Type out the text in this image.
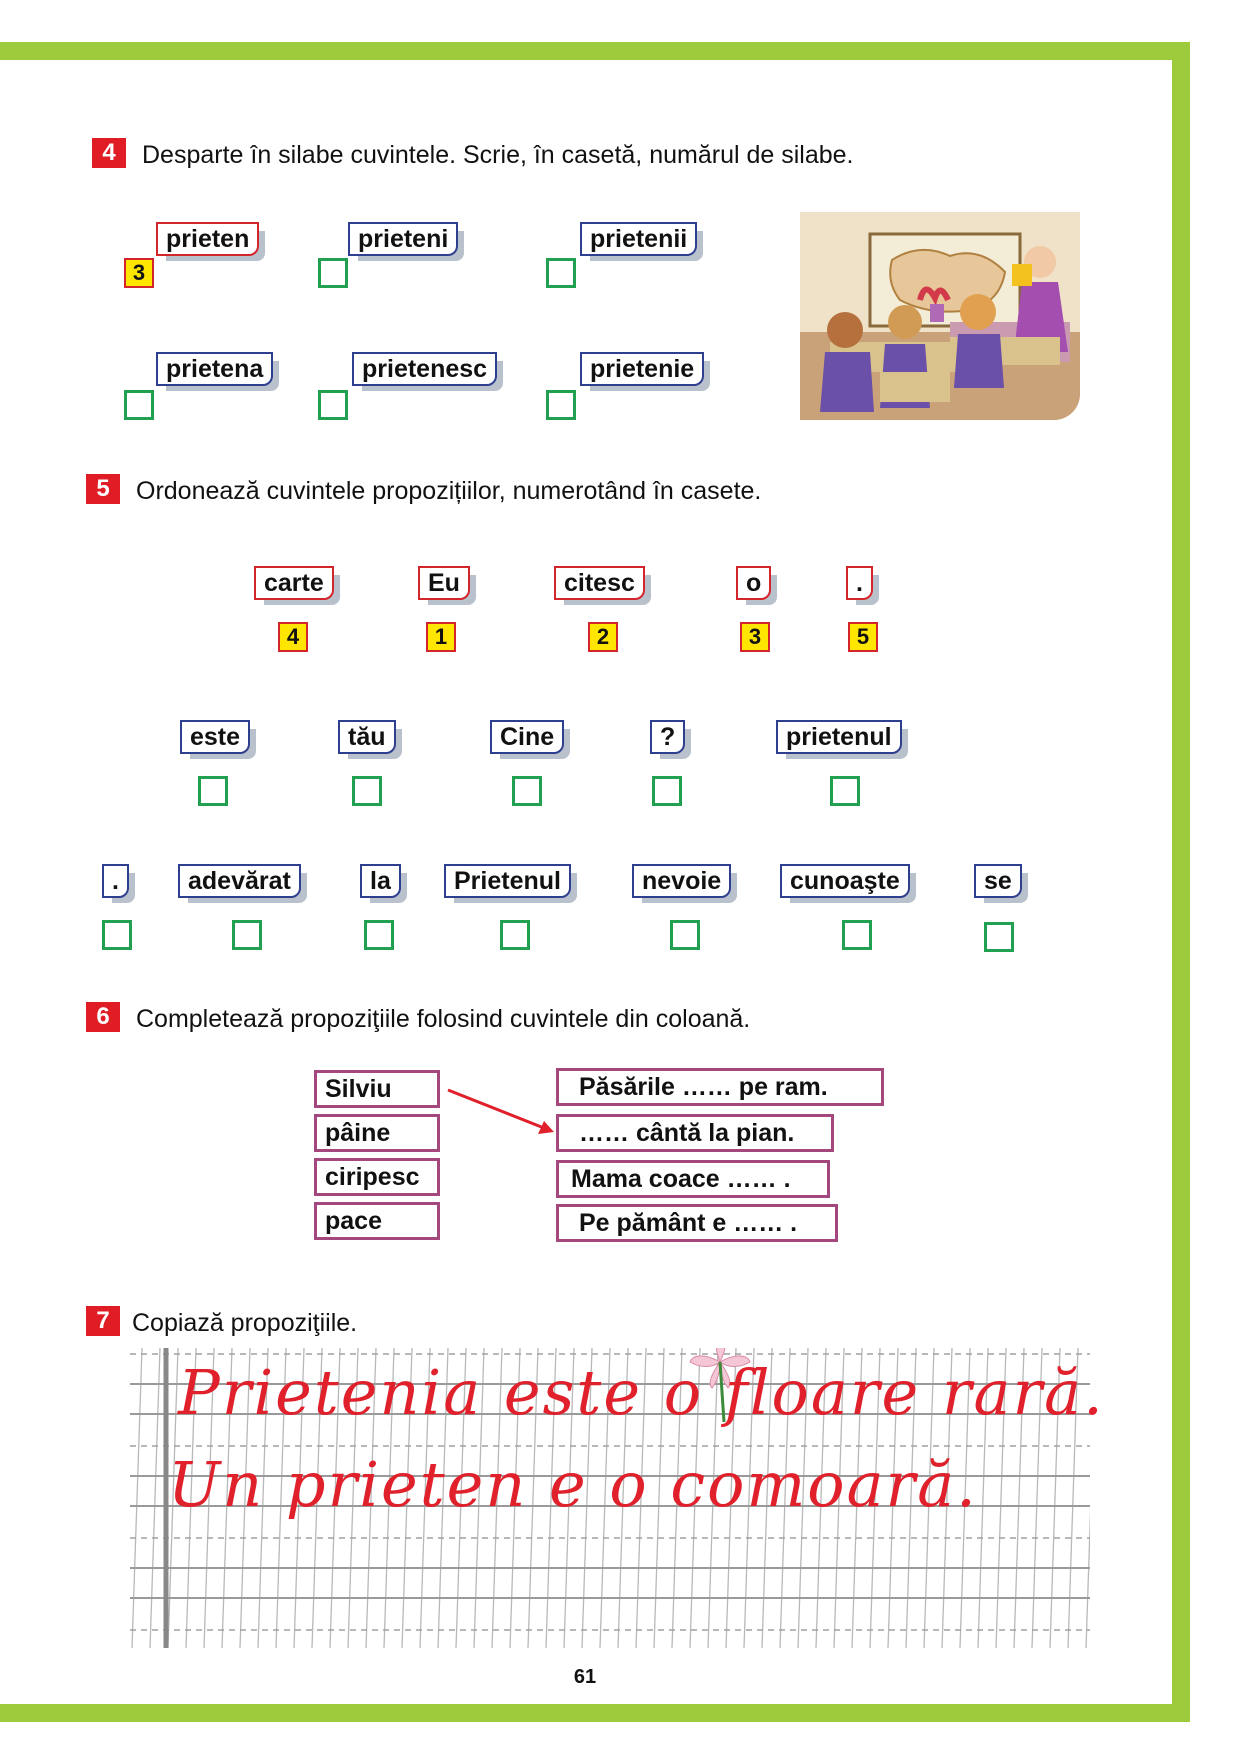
4	Desparte în silabe cuvintele. Scrie, în casetă, numărul de silabe.
prieten
3
prieteni	prietenii
prietena	prietenesc	prietenie
5	Ordonează cuvintele propozițiilor, numerotând în casete.
carte
4
Eu
1
citesc
2
o
3
.
5
este	tău	Cine	?	prietenul
.	adevărat	la	Prietenul	nevoie	cunoaşte	se
6	Completează propoziţiile folosind cuvintele din coloană.
Silviu
pâine
ciripesc
pace
Păsările …… pe ram.
…… cântă la pian.
Mama coace …… .
Pe pământ e …… .
7 Copiază propoziţiile.
Prietenia este o floare rară.
Un prieten e o comoară.
61
